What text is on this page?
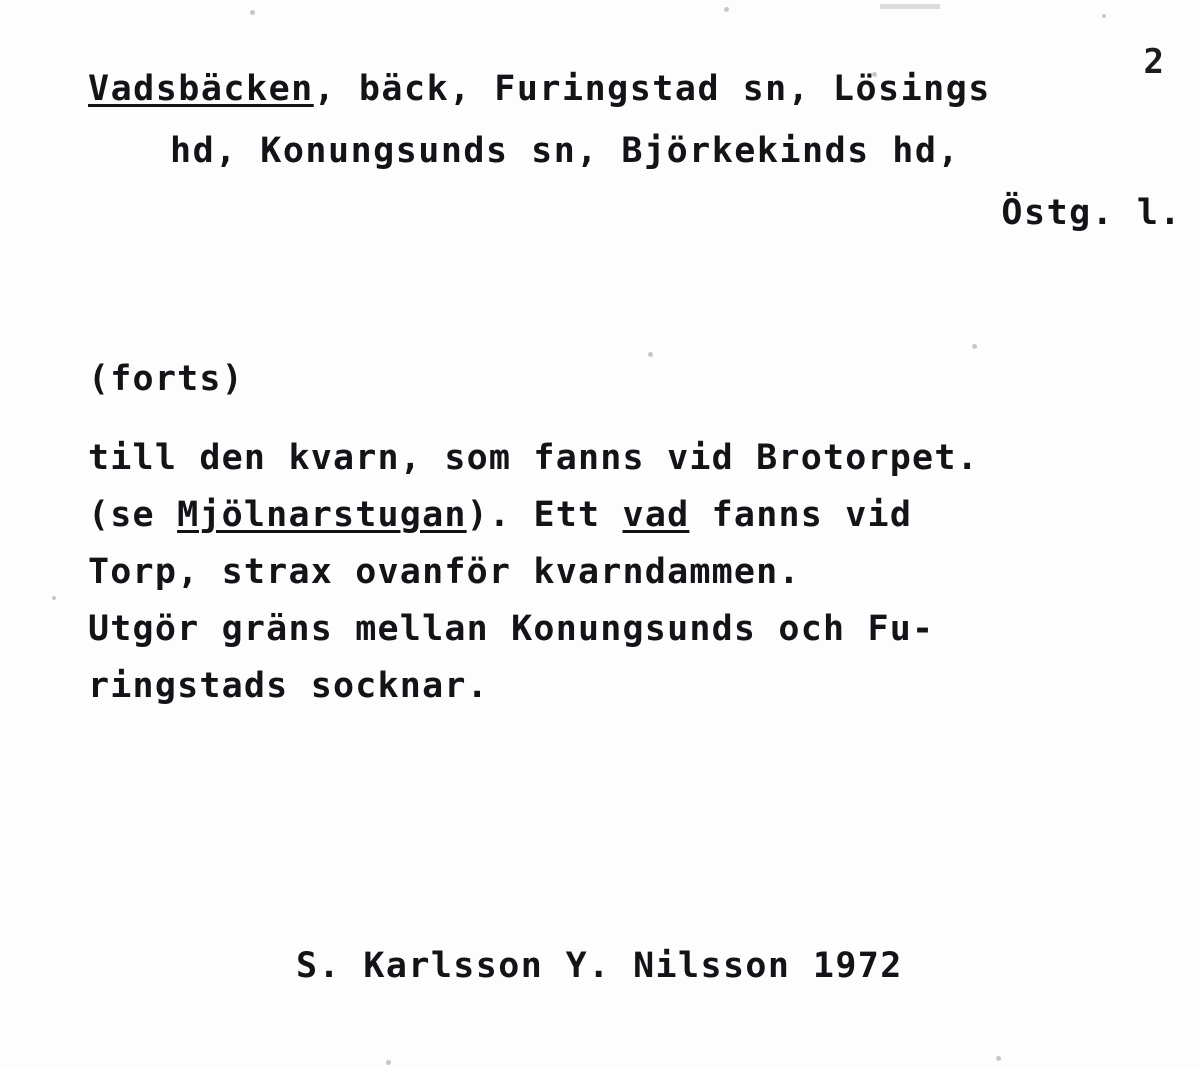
2
Vadsbäcken, bäck, Furingstad sn, Lösings
hd, Konungsunds sn, Björkekinds hd,
Östg. l.
(forts)
till den kvarn, som fanns vid Brotorpet.
(se Mjölnarstugan). Ett vad fanns vid
Torp, strax ovanför kvarndammen.
Utgör gräns mellan Konungsunds och Fu-
ringstads socknar.
S. Karlsson Y. Nilsson 1972
